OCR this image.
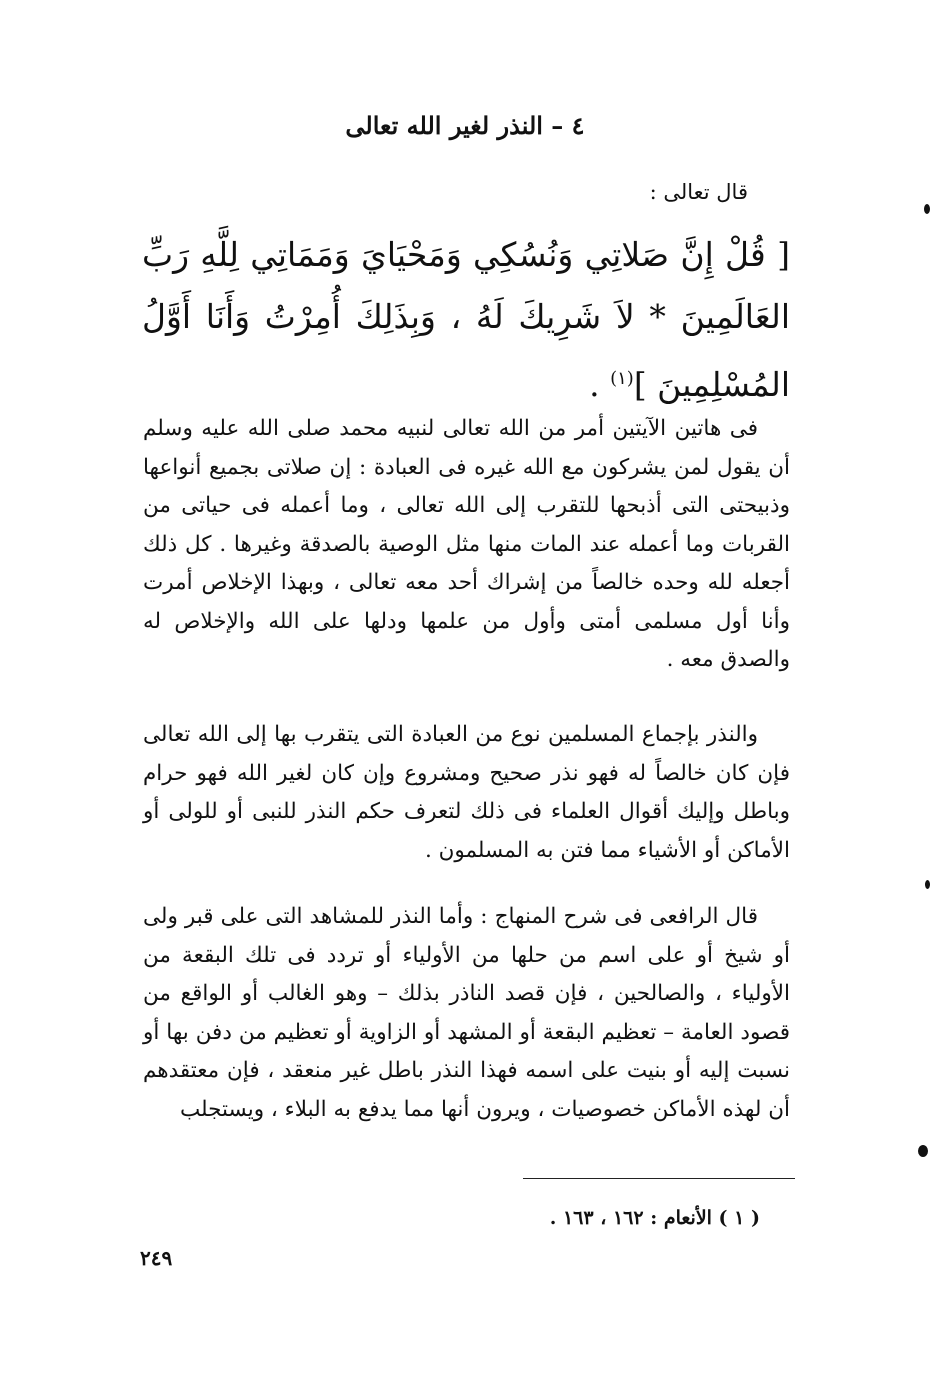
٤ – النذر لغير الله تعالى
قال تعالى :
[ قُلْ إِنَّ صَلاتِي وَنُسُكِي وَمَحْيَايَ وَمَمَاتِي لِلَّهِ رَبِّ العَالَمِينَ * لاَ شَرِيكَ لَهُ ، وَبِذَلِكَ أُمِرْتُ وَأَنَا أَوَّلُ المُسْلِمِينَ ]$^{(١)}$ .

فى هاتين الآيتين أمر من الله تعالى لنبيه محمد صلى الله عليه وسلم أن يقول لمن يشركون مع الله غيره فى العبادة : إن صلاتى بجميع أنواعها وذبيحتى التى أذبحها للتقرب إلى الله تعالى ، وما أعمله فى حياتى من القربات وما أعمله عند المات منها مثل الوصية بالصدقة وغيرها . كل ذلك أجعله لله وحده خالصاً من إشراك أحد معه تعالى ، وبهذا الإخلاص أمرت وأنا أول مسلمى أمتى وأول من علمها ودلها على الله والإخلاص له والصدق معه .

والنذر بإجماع المسلمين نوع من العبادة التى يتقرب بها إلى الله تعالى فإن كان خالصاً له فهو نذر صحيح ومشروع وإن كان لغير الله فهو حرام وباطل وإليك أقوال العلماء فى ذلك لتعرف حكم النذر للنبى أو للولى أو الأماكن أو الأشياء مما فتن به المسلمون .

قال الرافعى فى شرح المنهاج : وأما النذر للمشاهد التى على قبر ولى أو شيخ أو على اسم من حلها من الأولياء أو تردد فى تلك البقعة من الأولياء ، والصالحين ، فإن قصد الناذر بذلك – وهو الغالب أو الواقع من قصود العامة – تعظيم البقعة أو المشهد أو الزاوية أو تعظيم من دفن بها أو نسبت إليه أو بنيت على اسمه فهذا النذر باطل غير منعقد ، فإن معتقدهم أن لهذه الأماكن خصوصيات ، ويرون أنها مما يدفع به البلاء ، ويستجلب

( ١ ) الأنعام : ١٦٢ ، ١٦٣ .
٢٤٩
